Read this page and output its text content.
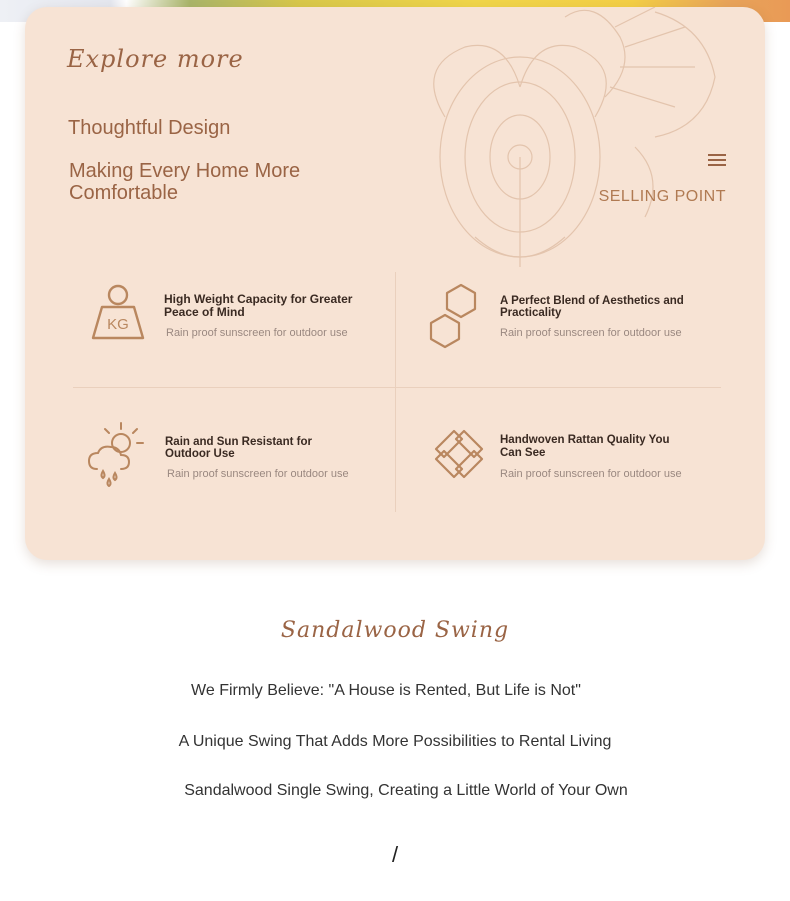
Explore more
Thoughtful Design
Making Every Home More Comfortable	SELLING POINT
KG
High Weight Capacity for Greater Peace of Mind
Rain proof sunscreen for outdoor use
A Perfect Blend of Aesthetics and Practicality
Rain proof sunscreen for outdoor use
Rain and Sun Resistant for Outdoor Use
Rain proof sunscreen for outdoor use
Handwoven Rattan Quality You Can See
Rain proof sunscreen for outdoor use
Sandalwood Swing
We Firmly Believe: "A House is Rented, But Life is Not"
A Unique Swing That Adds More Possibilities to Rental Living
Sandalwood Single Swing, Creating a Little World of Your Own
/
